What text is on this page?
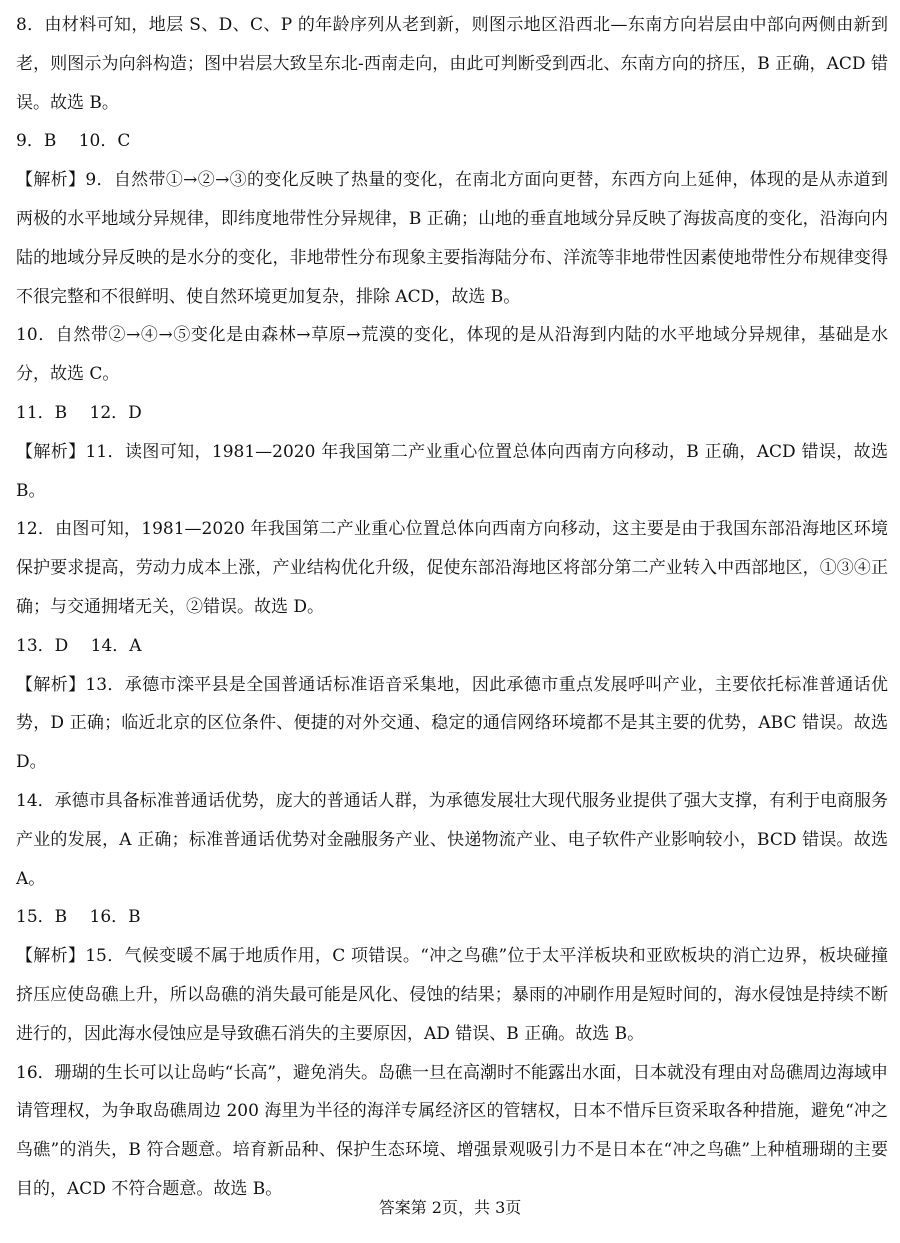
8．由材料可知，地层 S、D、C、P 的年龄序列从老到新，则图示地区沿西北—东南方向岩层由中部向两侧由新到老，则图示为向斜构造；图中岩层大致呈东北-西南走向，由此可判断受到西北、东南方向的挤压，B 正确，ACD 错误。故选 B。

9．B　 10．C

【解析】9．自然带①→②→③的变化反映了热量的变化，在南北方面向更替，东西方向上延伸，体现的是从赤道到两极的水平地域分异规律，即纬度地带性分异规律，B 正确；山地的垂直地域分异反映了海拔高度的变化，沿海向内陆的地域分异反映的是水分的变化，非地带性分布现象主要指海陆分布、洋流等非地带性因素使地带性分布规律变得不很完整和不很鲜明、使自然环境更加复杂，排除 ACD，故选 B。

10．自然带②→④→⑤变化是由森林→草原→荒漠的变化，体现的是从沿海到内陆的水平地域分异规律，基础是水分，故选 C。

11．B　 12．D

【解析】11．读图可知，1981—2020 年我国第二产业重心位置总体向西南方向移动，B 正确，ACD 错误，故选 B。

12．由图可知，1981—2020 年我国第二产业重心位置总体向西南方向移动，这主要是由于我国东部沿海地区环境保护要求提高，劳动力成本上涨，产业结构优化升级，促使东部沿海地区将部分第二产业转入中西部地区，①③④正确；与交通拥堵无关，②错误。故选 D。

13．D　 14．A

【解析】13．承德市滦平县是全国普通话标准语音采集地，因此承德市重点发展呼叫产业，主要依托标准普通话优势，D 正确；临近北京的区位条件、便捷的对外交通、稳定的通信网络环境都不是其主要的优势，ABC 错误。故选 D。

14．承德市具备标准普通话优势，庞大的普通话人群，为承德发展壮大现代服务业提供了强大支撑，有利于电商服务产业的发展，A 正确；标准普通话优势对金融服务产业、快递物流产业、电子软件产业影响较小，BCD 错误。故选 A。

15．B　 16．B

【解析】15．气候变暖不属于地质作用，C 项错误。“冲之鸟礁”位于太平洋板块和亚欧板块的消亡边界，板块碰撞挤压应使岛礁上升，所以岛礁的消失最可能是风化、侵蚀的结果；暴雨的冲刷作用是短时间的，海水侵蚀是持续不断进行的，因此海水侵蚀应是导致礁石消失的主要原因，AD 错误、B 正确。故选 B。

16．珊瑚的生长可以让岛屿“长高”，避免消失。岛礁一旦在高潮时不能露出水面，日本就没有理由对岛礁周边海域申请管理权，为争取岛礁周边 200 海里为半径的海洋专属经济区的管辖权，日本不惜斥巨资采取各种措施，避免“冲之鸟礁”的消失，B 符合题意。培育新品种、保护生态环境、增强景观吸引力不是日本在“冲之鸟礁”上种植珊瑚的主要目的，ACD 不符合题意。故选 B。

答案第 2页，共 3页
